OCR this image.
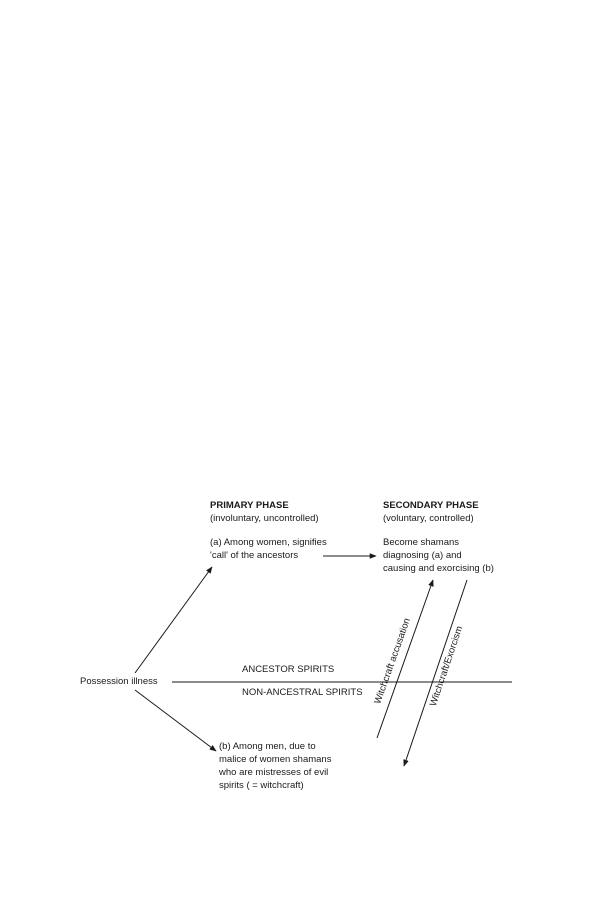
PRIMARY PHASE
(involuntary, uncontrolled)
(a) Among women, signifies
'call' of the ancestors
SECONDARY PHASE
(voluntary, controlled)
Become shamans
diagnosing (a) and
causing and exorcising (b)
Possession illness
ANCESTOR SPIRITS
NON-ANCESTRAL SPIRITS
(b) Among men, due to
malice of women shamans
who are mistresses of evil
spirits ( = witchcraft)
Witchcraft accusation Witchcraft/Exorcism
